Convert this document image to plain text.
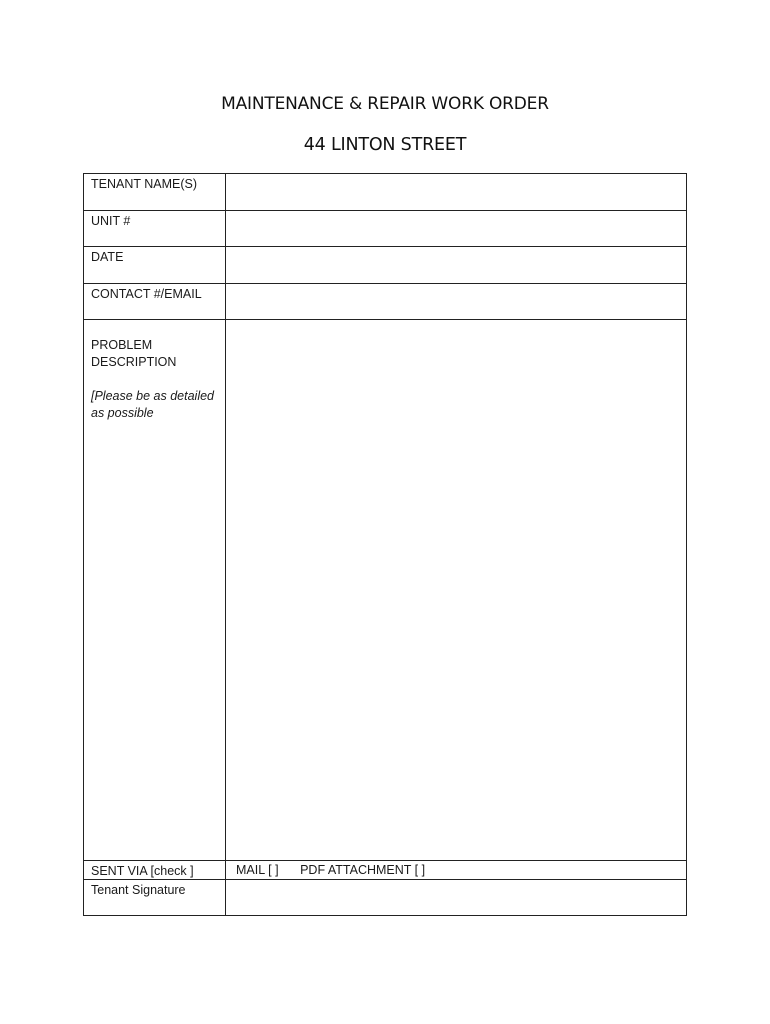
MAINTENANCE & REPAIR WORK ORDER
44 LINTON STREET
TENANT NAME(S)	
UNIT #	
DATE	
CONTACT #/EMAIL	
PROBLEM DESCRIPTION
[Please be as detailed as possible	

SENT VIA [check ]	MAIL [ ] PDF ATTACHMENT [ ]
Tenant Signature	
